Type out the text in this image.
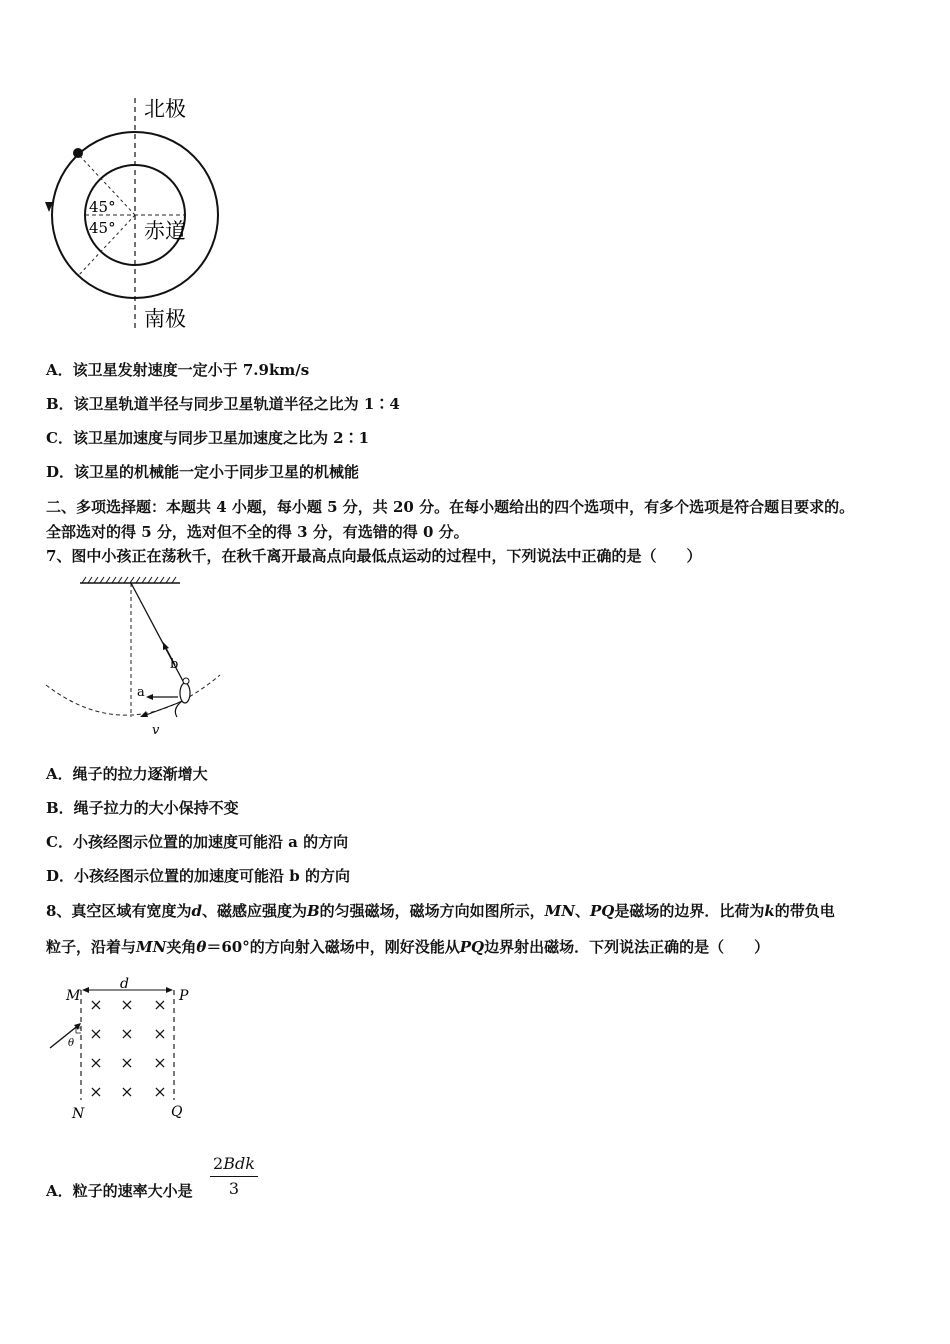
北极
南极
赤道
45°
45°
A．该卫星发射速度一定小于 7.9km/s
B．该卫星轨道半径与同步卫星轨道半径之比为 1∶4
C．该卫星加速度与同步卫星加速度之比为 2∶1
D．该卫星的机械能一定小于同步卫星的机械能
二、多项选择题：本题共 4 小题，每小题 5 分，共 20 分。在每小题给出的四个选项中，有多个选项是符合题目要求的。
全部选对的得 5 分，选对但不全的得 3 分，有选错的得 0 分。
7、图中小孩正在荡秋千，在秋千离开最高点向最低点运动的过程中，下列说法中正确的是（　　）
b
a
v
A．绳子的拉力逐渐增大
B．绳子拉力的大小保持不变
C．小孩经图示位置的加速度可能沿 a 的方向
D．小孩经图示位置的加速度可能沿 b 的方向
8、真空区域有宽度为d、磁感应强度为B的匀强磁场，磁场方向如图所示，MN、PQ是磁场的边界．比荷为k的带负电
粒子，沿着与MN夹角θ＝60°的方向射入磁场中，刚好没能从PQ边界射出磁场．下列说法正确的是（　　）
d
M	P
N	Q
× × ×
× × ×
× × ×
× × ×
θ
A．粒子的速率大小是
2Bdk
3
